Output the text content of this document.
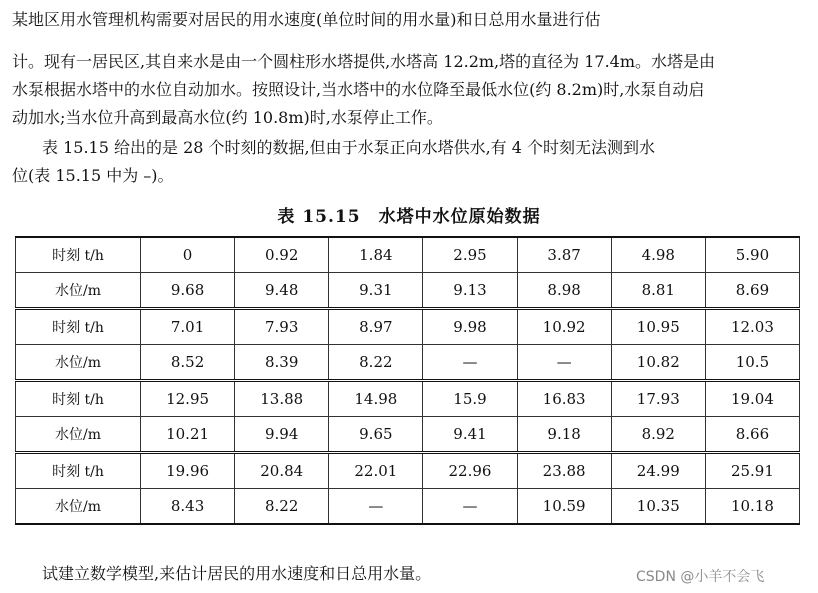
某地区用水管理机构需要对居民的用水速度(单位时间的用水量)和日总用水量进行估

计。现有一居民区,其自来水是由一个圆柱形水塔提供,水塔高 12.2m,塔的直径为 17.4m。水塔是由

水泵根据水塔中的水位自动加水。按照设计,当水塔中的水位降至最低水位(约 8.2m)时,水泵自动启

动加水;当水位升高到最高水位(约 10.8m)时,水泵停止工作。

表 15.15 给出的是 28 个时刻的数据,但由于水泵正向水塔供水,有 4 个时刻无法测到水

位(表 15.15 中为 –)。

表 15.15　水塔中水位原始数据
时刻 t/h	0	0.92	1.84	2.95	3.87	4.98	5.90
水位/m	9.68	9.48	9.31	9.13	8.98	8.81	8.69
时刻 t/h	7.01	7.93	8.97	9.98	10.92	10.95	12.03
水位/m	8.52	8.39	8.22	—	—	10.82	10.5
时刻 t/h	12.95	13.88	14.98	15.9	16.83	17.93	19.04
水位/m	10.21	9.94	9.65	9.41	9.18	8.92	8.66
时刻 t/h	19.96	20.84	22.01	22.96	23.88	24.99	25.91
水位/m	8.43	8.22	—	—	10.59	10.35	10.18
试建立数学模型,来估计居民的用水速度和日总用水量。	CSDN @小羊不会飞
